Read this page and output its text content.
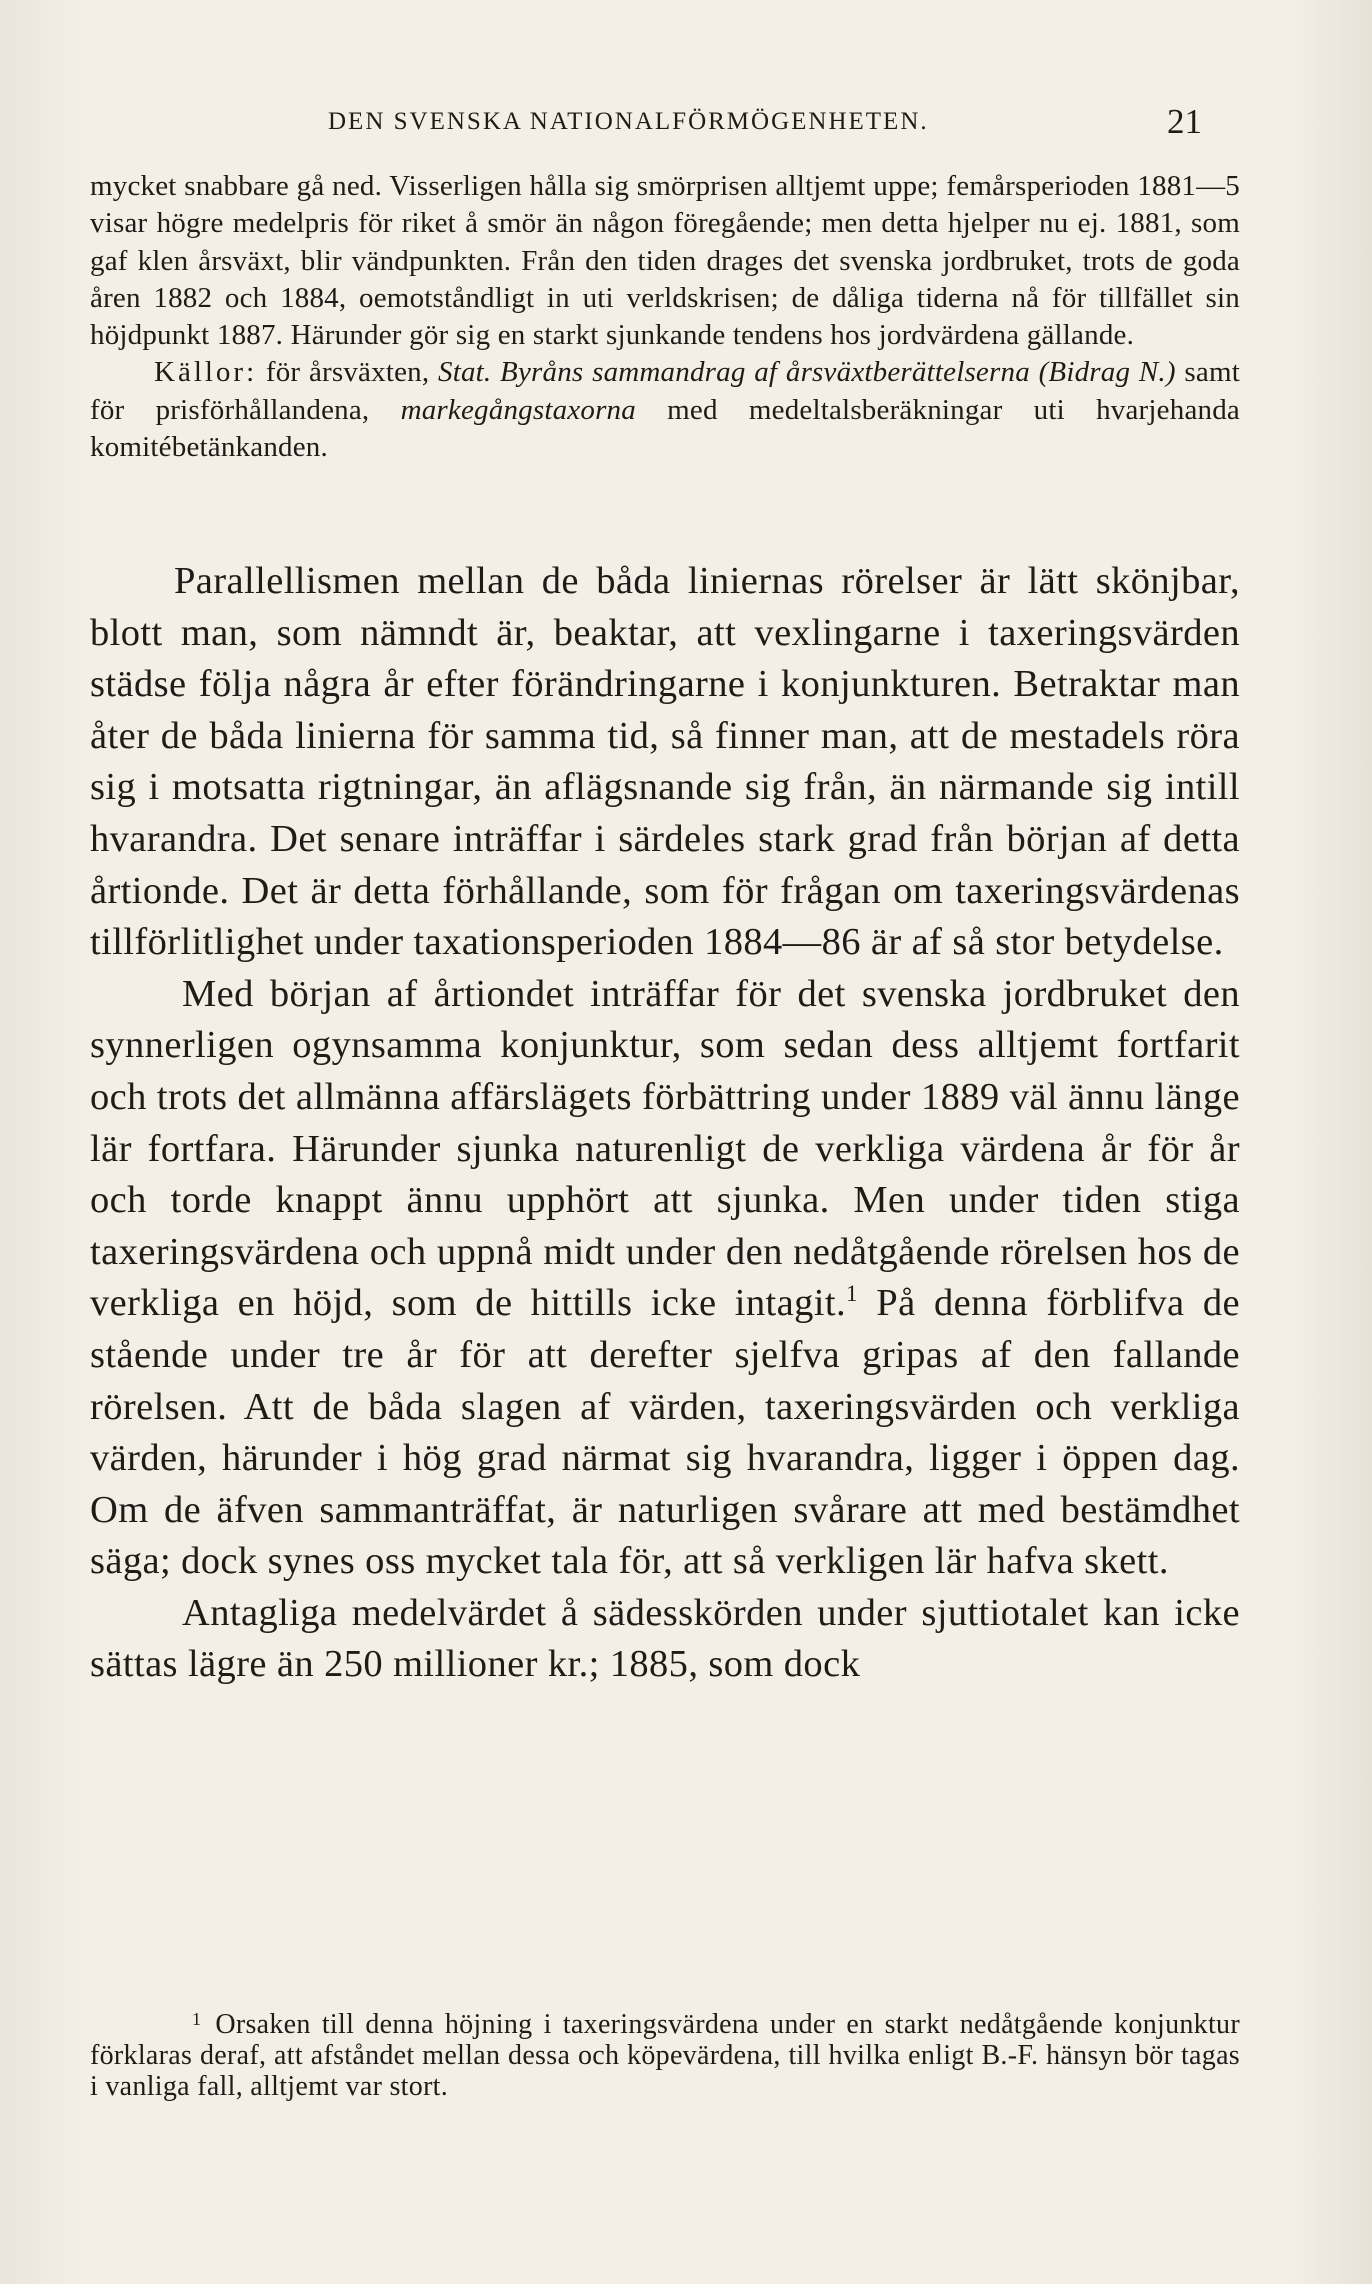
DEN SVENSKA NATIONALFÖRMÖGENHETEN.	21

mycket snabbare gå ned. Visserligen hålla sig smörprisen alltjemt uppe; femårsperioden 1881—5 visar högre medelpris för riket å smör än någon föregående; men detta hjelper nu ej. 1881, som gaf klen årsväxt, blir vändpunkten. Från den tiden drages det svenska jordbruket, trots de goda åren 1882 och 1884, oemotståndligt in uti verldskrisen; de dåliga tiderna nå för tillfället sin höjdpunkt 1887. Härunder gör sig en starkt sjunkande tendens hos jordvärdena gällande.

Källor: för årsväxten, Stat. Byråns sammandrag af årsväxtberättelserna (Bidrag N.) samt för prisförhållandena, markegångstaxorna med medeltalsberäkningar uti hvarjehanda komitébetänkanden.

Parallellismen mellan de båda liniernas rörelser är lätt skönjbar, blott man, som nämndt är, beaktar, att vexlingarne i taxeringsvärden städse följa några år efter förändringarne i konjunkturen. Betraktar man åter de båda linierna för samma tid, så finner man, att de mestadels röra sig i motsatta rigtningar, än aflägsnande sig från, än närmande sig intill hvarandra. Det senare inträffar i särdeles stark grad från början af detta årtionde. Det är detta förhållande, som för frågan om taxeringsvärdenas tillförlitlighet under taxationsperioden 1884—86 är af så stor betydelse.

Med början af årtiondet inträffar för det svenska jordbruket den synnerligen ogynsamma konjunktur, som sedan dess alltjemt fortfarit och trots det allmänna affärslägets förbättring under 1889 väl ännu länge lär fortfara. Härunder sjunka naturenligt de verkliga värdena år för år och torde knappt ännu upphört att sjunka. Men under tiden stiga taxeringsvärdena och uppnå midt under den nedåtgående rörelsen hos de verkliga en höjd, som de hittills icke intagit.$^1$ På denna förblifva de stående under tre år för att derefter sjelfva gripas af den fallande rörelsen. Att de båda slagen af värden, taxeringsvärden och verkliga värden, härunder i hög grad närmat sig hvarandra, ligger i öppen dag. Om de äfven sammanträffat, är naturligen svårare att med bestämdhet säga; dock synes oss mycket tala för, att så verkligen lär hafva skett.

Antagliga medelvärdet å sädesskörden under sjuttiotalet kan icke sättas lägre än 250 millioner kr.; 1885, som dock

$^1$ Orsaken till denna höjning i taxeringsvärdena under en starkt nedåtgående konjunktur förklaras deraf, att afståndet mellan dessa och köpevärdena, till hvilka enligt B.-F. hänsyn bör tagas i vanliga fall, alltjemt var stort.
